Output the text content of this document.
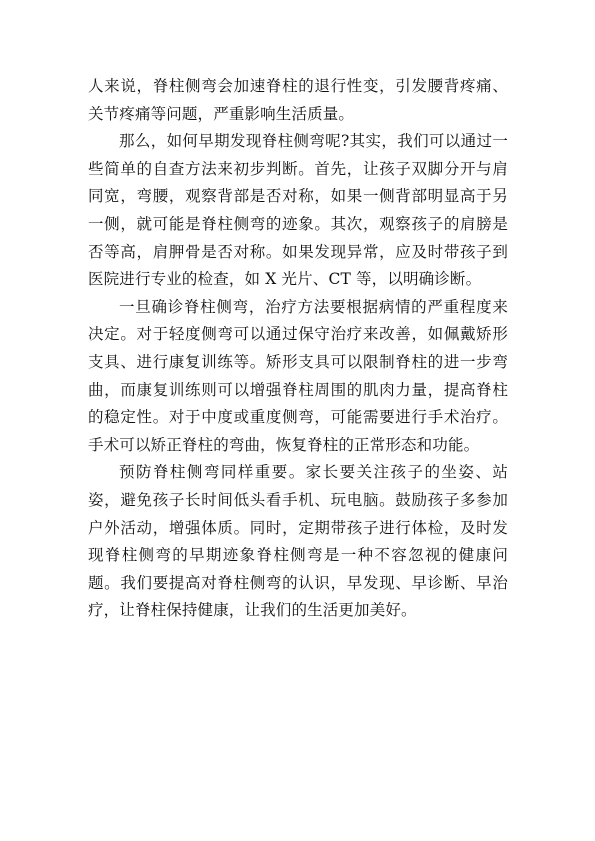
人来说，脊柱侧弯会加速脊柱的退行性变，引发腰背疼痛、关节疼痛等问题，严重影响生活质量。

那么，如何早期发现脊柱侧弯呢?其实，我们可以通过一些简单的自查方法来初步判断。首先，让孩子双脚分开与肩同宽，弯腰，观察背部是否对称，如果一侧背部明显高于另一侧，就可能是脊柱侧弯的迹象。其次，观察孩子的肩膀是否等高，肩胛骨是否对称。如果发现异常，应及时带孩子到医院进行专业的检查，如 X 光片、CT 等，以明确诊断。

一旦确诊脊柱侧弯，治疗方法要根据病情的严重程度来决定。对于轻度侧弯可以通过保守治疗来改善，如佩戴矫形支具、进行康复训练等。矫形支具可以限制脊柱的进一步弯曲，而康复训练则可以增强脊柱周围的肌肉力量，提高脊柱的稳定性。对于中度或重度侧弯，可能需要进行手术治疗。手术可以矫正脊柱的弯曲，恢复脊柱的正常形态和功能。

预防脊柱侧弯同样重要。家长要关注孩子的坐姿、站姿，避免孩子长时间低头看手机、玩电脑。鼓励孩子多参加户外活动，增强体质。同时，定期带孩子进行体检，及时发现脊柱侧弯的早期迹象脊柱侧弯是一种不容忽视的健康问题。我们要提高对脊柱侧弯的认识，早发现、早诊断、早治疗，让脊柱保持健康，让我们的生活更加美好。
